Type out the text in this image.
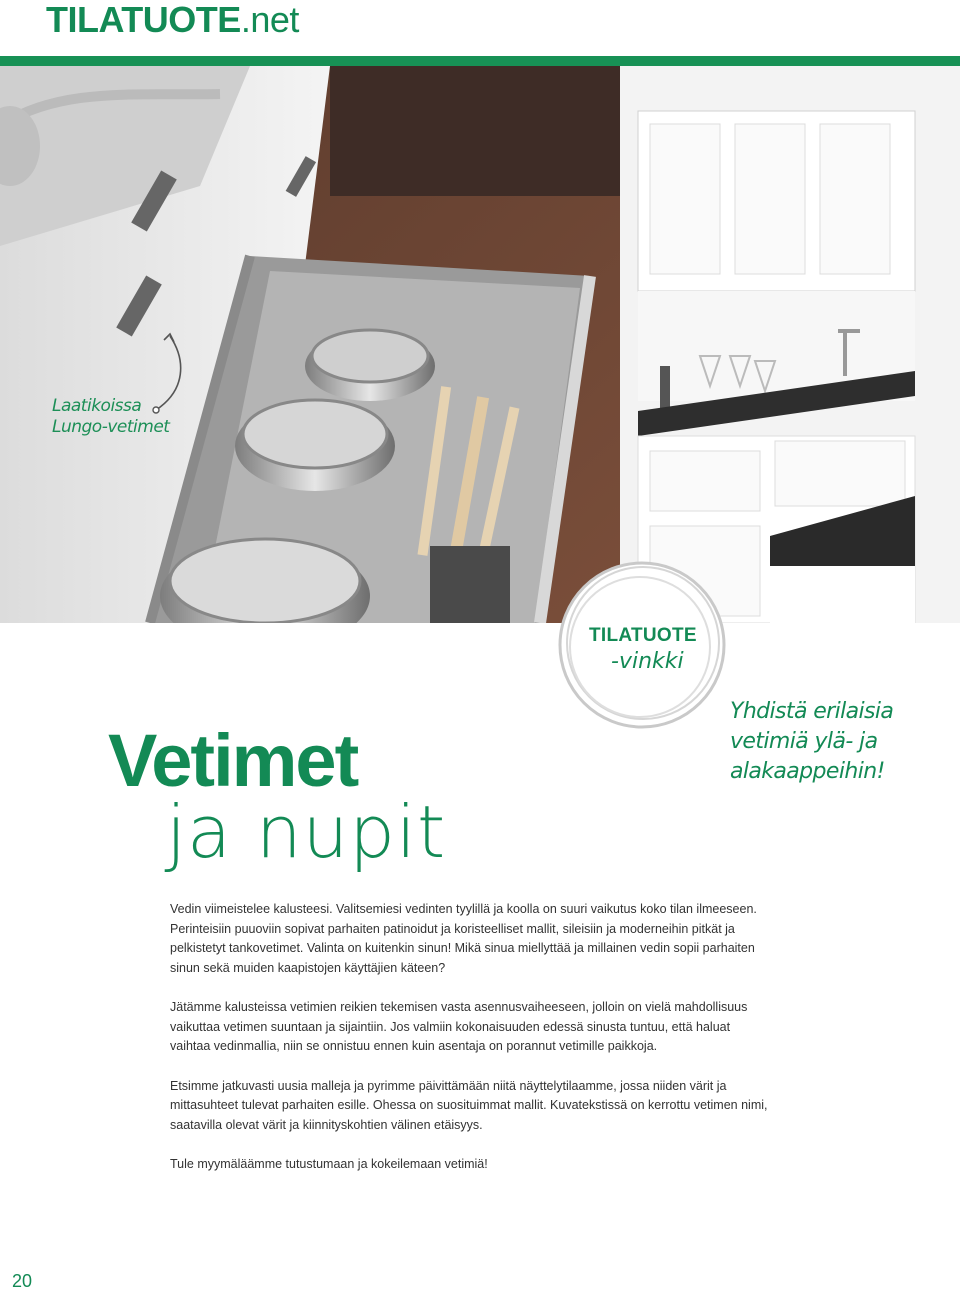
TILATUOTE.net
Laatikoissa
Lungo-vetimet
TILATUOTE
-vinkki
Yhdistä erilaisia
vetimiä ylä- ja
alakaappeihin!
Vetimet
ja nupit

Vedin viimeistelee kalusteesi. Valitsemiesi vedinten tyylillä ja koolla on suuri vaikutus koko tilan ilmeeseen. Perinteisiin puuoviin sopivat parhaiten patinoidut ja koristeelliset mallit, sileisiin ja moderneihin pitkät ja pelkistetyt tankovetimet. Valinta on kuitenkin sinun! Mikä sinua miellyttää ja millainen vedin sopii parhaiten sinun sekä muiden kaapistojen käyttäjien käteen?

Jätämme kalusteissa vetimien reikien tekemisen vasta asennusvaiheeseen, jolloin on vielä mahdollisuus vaikuttaa vetimen suuntaan ja sijaintiin. Jos valmiin kokonaisuuden edessä sinusta tuntuu, että haluat vaihtaa vedinmallia, niin se onnistuu ennen kuin asentaja on porannut vetimille paikkoja.

Etsimme jatkuvasti uusia malleja ja pyrimme päivittämään niitä näyttelytilaamme, jossa niiden värit ja mittasuhteet tulevat parhaiten esille. Ohessa on suosituimmat mallit. Kuvatekstissä on kerrottu vetimen nimi, saatavilla olevat värit ja kiinnityskohtien välinen etäisyys.

Tule myymäläämme tutustumaan ja kokeilemaan vetimiä!

20
